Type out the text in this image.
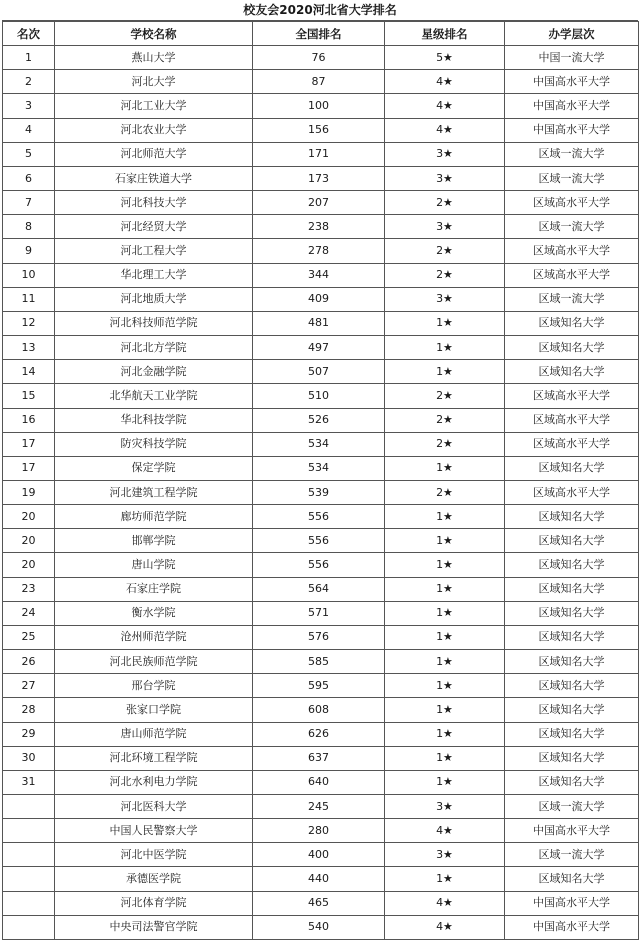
校友会2020河北省大学排名
名次	学校名称	全国排名	星级排名	办学层次
1	燕山大学	76	5★	中国一流大学
2	河北大学	87	4★	中国高水平大学
3	河北工业大学	100	4★	中国高水平大学
4	河北农业大学	156	4★	中国高水平大学
5	河北师范大学	171	3★	区域一流大学
6	石家庄铁道大学	173	3★	区域一流大学
7	河北科技大学	207	2★	区域高水平大学
8	河北经贸大学	238	3★	区域一流大学
9	河北工程大学	278	2★	区域高水平大学
10	华北理工大学	344	2★	区域高水平大学
11	河北地质大学	409	3★	区域一流大学
12	河北科技师范学院	481	1★	区域知名大学
13	河北北方学院	497	1★	区域知名大学
14	河北金融学院	507	1★	区域知名大学
15	北华航天工业学院	510	2★	区域高水平大学
16	华北科技学院	526	2★	区域高水平大学
17	防灾科技学院	534	2★	区域高水平大学
17	保定学院	534	1★	区域知名大学
19	河北建筑工程学院	539	2★	区域高水平大学
20	廊坊师范学院	556	1★	区域知名大学
20	邯郸学院	556	1★	区域知名大学
20	唐山学院	556	1★	区域知名大学
23	石家庄学院	564	1★	区域知名大学
24	衡水学院	571	1★	区域知名大学
25	沧州师范学院	576	1★	区域知名大学
26	河北民族师范学院	585	1★	区域知名大学
27	邢台学院	595	1★	区域知名大学
28	张家口学院	608	1★	区域知名大学
29	唐山师范学院	626	1★	区域知名大学
30	河北环境工程学院	637	1★	区域知名大学
31	河北水利电力学院	640	1★	区域知名大学
	河北医科大学	245	3★	区域一流大学
	中国人民警察大学	280	4★	中国高水平大学
	河北中医学院	400	3★	区域一流大学
	承德医学院	440	1★	区域知名大学
	河北体育学院	465	4★	中国高水平大学
	中央司法警官学院	540	4★	中国高水平大学
